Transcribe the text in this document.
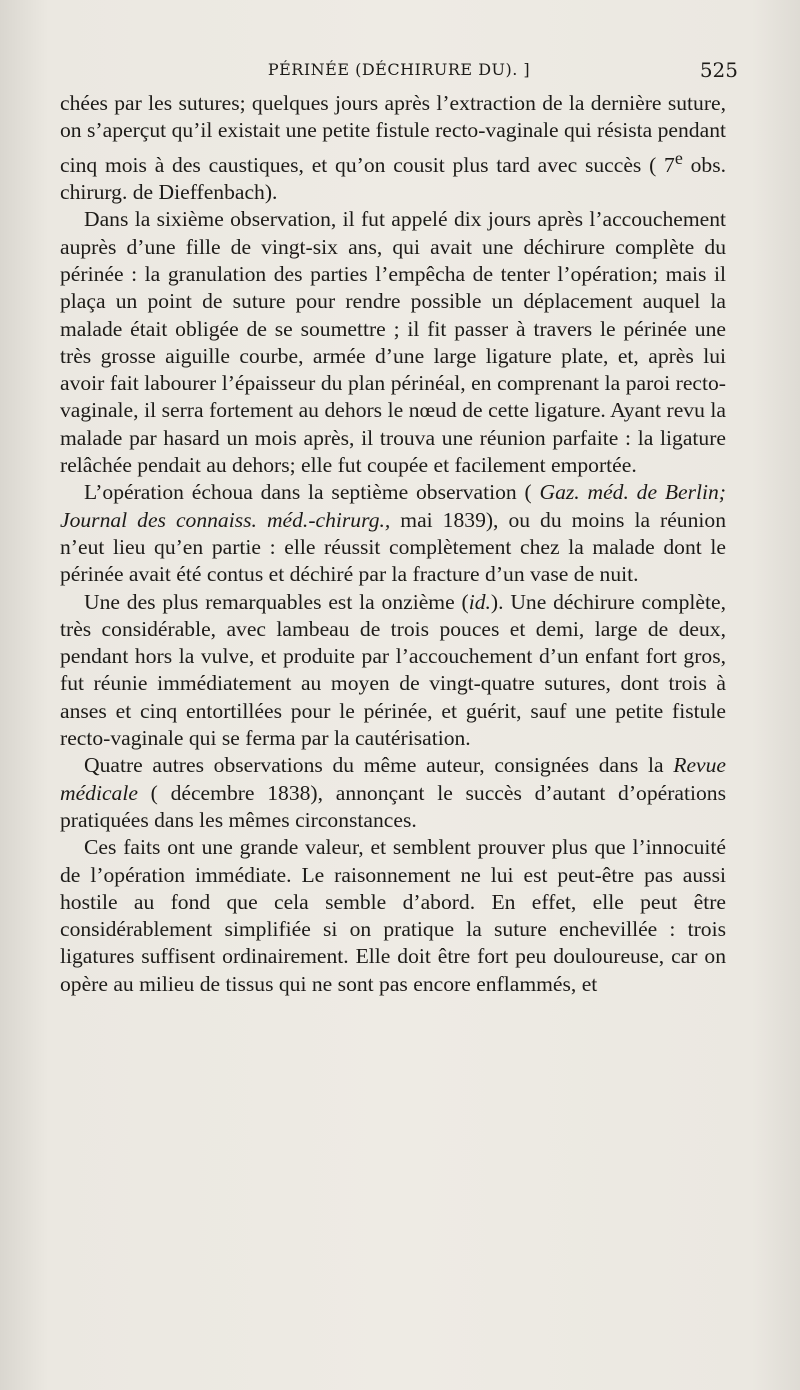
PÉRINÉE (DÉCHIRURE DU). ]	525

chées par les sutures; quelques jours après l’extraction de la dernière suture, on s’aperçut qu’il existait une petite fistule recto-vaginale qui résista pendant cinq mois à des caustiques, et qu’on cousit plus tard avec succès ( 7e obs. chirurg. de Dieffenbach).

Dans la sixième observation, il fut appelé dix jours après l’accouchement auprès d’une fille de vingt-six ans, qui avait une déchirure complète du périnée : la granulation des parties l’empêcha de tenter l’opération; mais il plaça un point de suture pour rendre possible un déplacement auquel la malade était obligée de se soumettre ; il fit passer à travers le périnée une très grosse aiguille courbe, armée d’une large ligature plate, et, après lui avoir fait labourer l’épaisseur du plan périnéal, en comprenant la paroi recto-vaginale, il serra fortement au dehors le nœud de cette ligature. Ayant revu la malade par hasard un mois après, il trouva une réunion parfaite : la ligature relâchée pendait au dehors; elle fut coupée et facilement emportée.

L’opération échoua dans la septième observation ( Gaz. méd. de Berlin; Journal des connaiss. méd.-chirurg., mai 1839), ou du moins la réunion n’eut lieu qu’en partie : elle réussit complètement chez la malade dont le périnée avait été contus et déchiré par la fracture d’un vase de nuit.

Une des plus remarquables est la onzième (id.). Une déchirure complète, très considérable, avec lambeau de trois pouces et demi, large de deux, pendant hors la vulve, et produite par l’accouchement d’un enfant fort gros, fut réunie immédiatement au moyen de vingt-quatre sutures, dont trois à anses et cinq entortillées pour le périnée, et guérit, sauf une petite fistule recto-vaginale qui se ferma par la cautérisation.

Quatre autres observations du même auteur, consignées dans la Revue médicale ( décembre 1838), annonçant le succès d’autant d’opérations pratiquées dans les mêmes circonstances.

Ces faits ont une grande valeur, et semblent prouver plus que l’innocuité de l’opération immédiate. Le raisonnement ne lui est peut-être pas aussi hostile au fond que cela semble d’abord. En effet, elle peut être considérablement simplifiée si on pratique la suture enchevillée : trois ligatures suffisent ordinairement. Elle doit être fort peu douloureuse, car on opère au milieu de tissus qui ne sont pas encore enflammés, et
